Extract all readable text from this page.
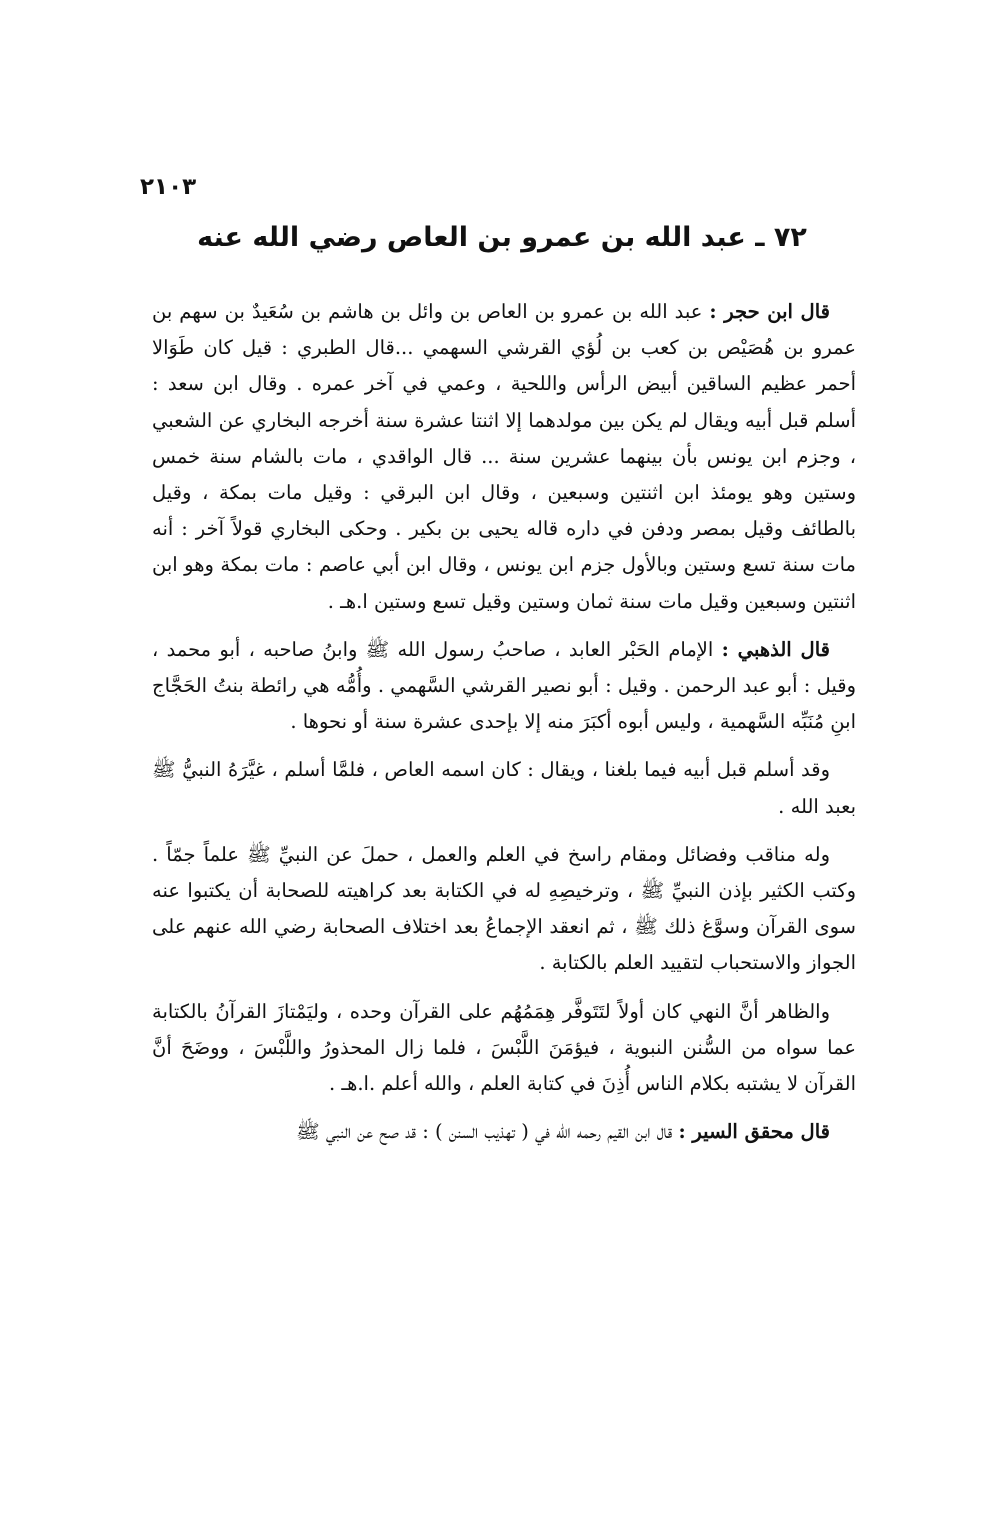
٢١٠٣
٧٢ ـ عبد الله بن عمرو بن العاص رضي الله عنه

قال ابن حجر : عبد الله بن عمرو بن العاص بن وائل بن هاشم بن سُعَيدٌ بن سهم بن عمرو بن هُصَيْص بن كعب بن لُؤي القرشي السهمي ...قال الطبري : قيل كان طَوَالا أحمر عظيم الساقين أبيض الرأس واللحية ، وعمي في آخر عمره . وقال ابن سعد : أسلم قبل أبيه ويقال لم يكن بين مولدهما إلا اثنتا عشرة سنة أخرجه البخاري عن الشعبي ، وجزم ابن يونس بأن بينهما عشرين سنة ... قال الواقدي ، مات بالشام سنة خمس وستين وهو يومئذ ابن اثنتين وسبعين ، وقال ابن البرقي : وقيل مات بمكة ، وقيل بالطائف وقيل بمصر ودفن في داره قاله يحيى بن بكير . وحكى البخاري قولاً آخر : أنه مات سنة تسع وستين وبالأول جزم ابن يونس ، وقال ابن أبي عاصم : مات بمكة وهو ابن اثنتين وسبعين وقيل مات سنة ثمان وستين وقيل تسع وستين ا.هـ .

قال الذهبي : الإمام الحَبْر العابد ، صاحبُ رسول الله ﷺ وابنُ صاحبه ، أبو محمد ، وقيل : أبو عبد الرحمن . وقيل : أبو نصير القرشي السَّهمي . وأُمُّه هي رائطة بنتُ الحَجَّاج ابنِ مُنَبِّه السَّهمية ، وليس أبوه أكبَرَ منه إلا بإحدى عشرة سنة أو نحوها .

وقد أسلم قبل أبيه فيما بلغنا ، ويقال : كان اسمه العاص ، فلمَّا أسلم ، غيَّرَهُ النبيُّ ﷺ بعبد الله .

وله مناقب وفضائل ومقام راسخ في العلم والعمل ، حملَ عن النبيِّ ﷺ علماً جمّاً . وكتب الكثير بإذن النبيِّ ﷺ ، وترخيصِهِ له في الكتابة بعد كراهيته للصحابة أن يكتبوا عنه سوى القرآن وسوَّغ ذلك ﷺ ، ثم انعقد الإجماعُ بعد اختلاف الصحابة رضي الله عنهم على الجواز والاستحباب لتقييد العلم بالكتابة .

والظاهر أنَّ النهي كان أولاً لتَتَوفَّر هِمَمُهُم على القرآن وحده ، وليَمْتازَ القرآنُ بالكتابة عما سواه من السُّنن النبوية ، فيؤمَنَ اللَّبْسَ ، فلما زال المحذورُ واللَّبْسَ ، ووضَحَ أنَّ القرآن لا يشتبه بكلام الناس أُذِنَ في كتابة العلم ، والله أعلم .ا.هـ .

قال محقق السير : قال ابن القيم رحمه الله في ( تهذيب السنن ) : قد صح عن النبي ﷺ
